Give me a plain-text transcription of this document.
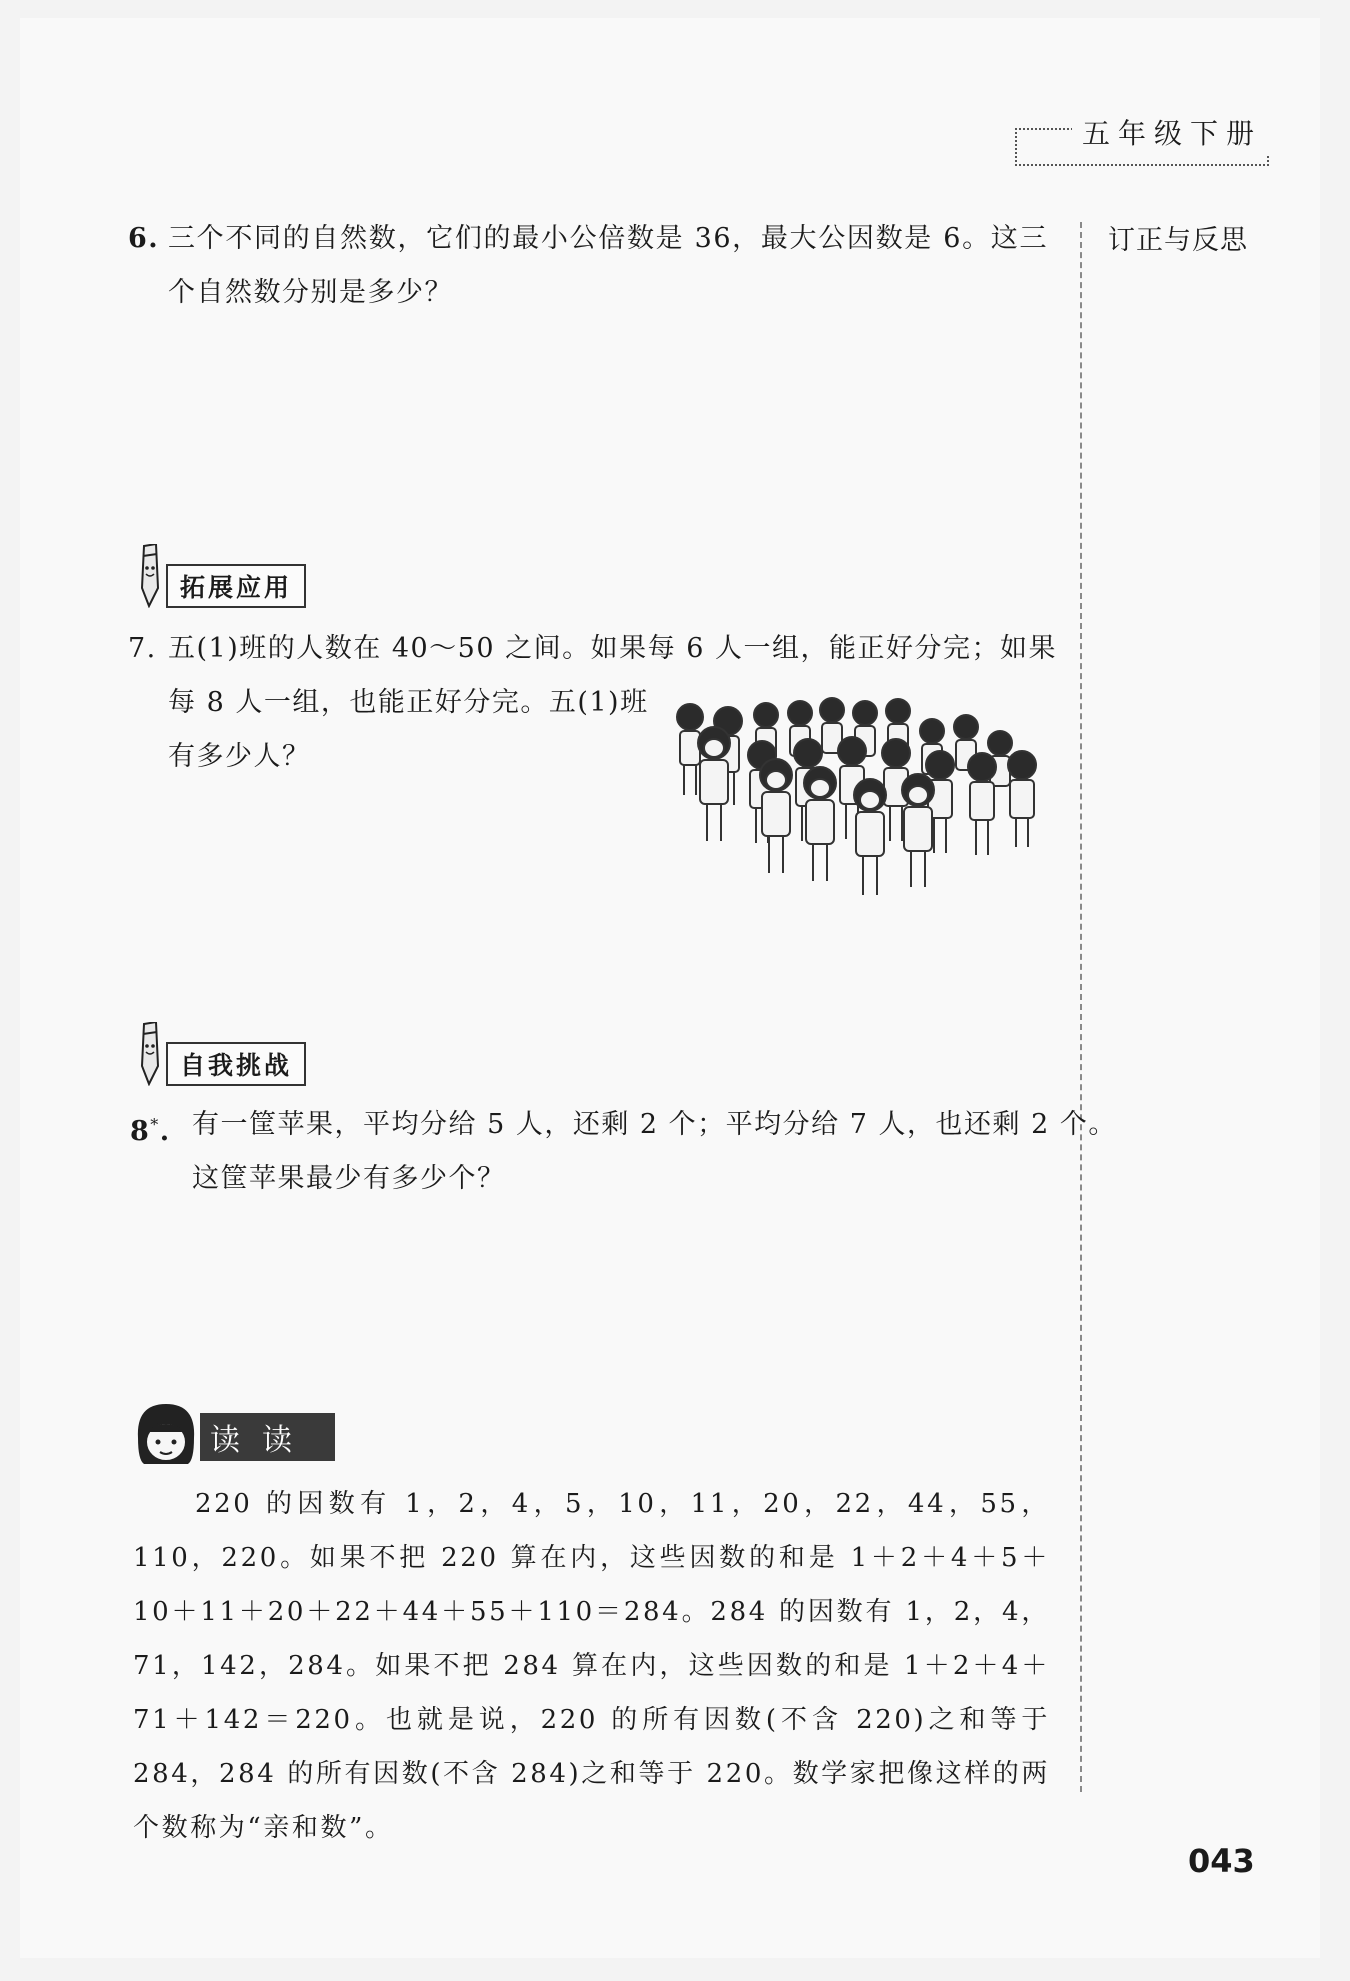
五年级下册
订正与反思
6. 三个不同的自然数，它们的最小公倍数是 36，最大公因数是 6。这三个自然数分别是多少？
拓展应用
7. 五(1)班的人数在 40～50 之间。如果每 6 人一组，能正好分完；如果
每 8 人一组，也能正好分完。五(1)班
有多少人？
自我挑战
8*. 有一筐苹果，平均分给 5 人，还剩 2 个；平均分给 7 人，也还剩 2 个。
这筐苹果最少有多少个？
读读
220 的因数有 1，2，4，5，10，11，20，22，44，55，110，220。如果不把 220 算在内，这些因数的和是 1＋2＋4＋5＋10＋11＋20＋22＋44＋55＋110＝284。284 的因数有 1，2，4，71，142，284。如果不把 284 算在内，这些因数的和是 1＋2＋4＋71＋142＝220。也就是说，220 的所有因数(不含 220)之和等于 284，284 的所有因数(不含 284)之和等于 220。数学家把像这样的两个数称为“亲和数”。
043
